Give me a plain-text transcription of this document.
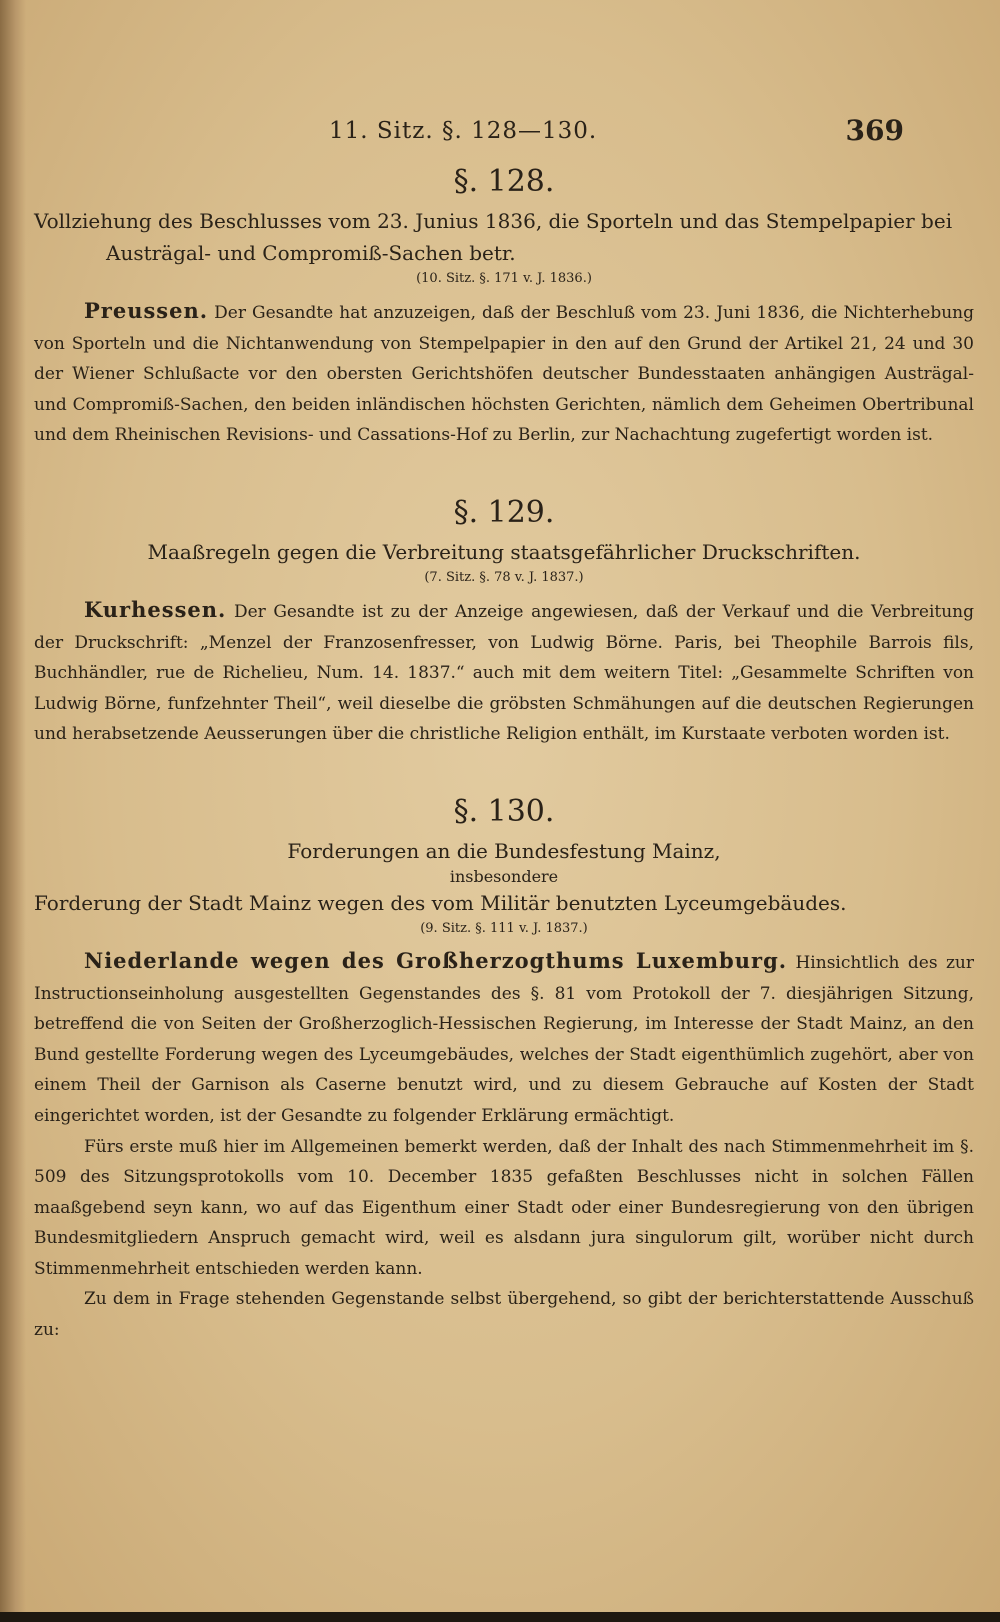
11. Sitz. §. 128—130.	369
§. 128.
Vollziehung des Beschlusses vom 23. Junius 1836, die Sporteln und das Stempelpapier bei Austrägal- und Compromiß-Sachen betr.
(10. Sitz. §. 171 v. J. 1836.)

Preussen. Der Gesandte hat anzuzeigen, daß der Beschluß vom 23. Juni 1836, die Nichterhebung von Sporteln und die Nichtanwendung von Stempelpapier in den auf den Grund der Artikel 21, 24 und 30 der Wiener Schlußacte vor den obersten Gerichtshöfen deutscher Bundesstaaten anhängigen Austrägal- und Compromiß-Sachen, den beiden inländischen höchsten Gerichten, nämlich dem Geheimen Obertribunal und dem Rheinischen Revisions- und Cassations-Hof zu Berlin, zur Nachachtung zugefertigt worden ist.

§. 129.
Maaßregeln gegen die Verbreitung staatsgefährlicher Druckschriften.
(7. Sitz. §. 78 v. J. 1837.)

Kurhessen. Der Gesandte ist zu der Anzeige angewiesen, daß der Verkauf und die Verbreitung der Druckschrift: „Menzel der Franzosenfresser, von Ludwig Börne. Paris, bei Theophile Barrois fils, Buchhändler, rue de Richelieu, Num. 14. 1837.“ auch mit dem weitern Titel: „Gesammelte Schriften von Ludwig Börne, funfzehnter Theil“, weil dieselbe die gröbsten Schmähungen auf die deutschen Regierungen und herabsetzende Aeusserungen über die christliche Religion enthält, im Kurstaate verboten worden ist.

§. 130.
Forderungen an die Bundesfestung Mainz,
insbesondere
Forderung der Stadt Mainz wegen des vom Militär benutzten Lyceumgebäudes.
(9. Sitz. §. 111 v. J. 1837.)

Niederlande wegen des Großherzogthums Luxemburg. Hinsichtlich des zur Instructionseinholung ausgestellten Gegenstandes des §. 81 vom Protokoll der 7. diesjährigen Sitzung, betreffend die von Seiten der Großherzoglich-Hessischen Regierung, im Interesse der Stadt Mainz, an den Bund gestellte Forderung wegen des Lyceumgebäudes, welches der Stadt eigenthümlich zugehört, aber von einem Theil der Garnison als Caserne benutzt wird, und zu diesem Gebrauche auf Kosten der Stadt eingerichtet worden, ist der Gesandte zu folgender Erklärung ermächtigt.

Fürs erste muß hier im Allgemeinen bemerkt werden, daß der Inhalt des nach Stimmenmehrheit im §. 509 des Sitzungsprotokolls vom 10. December 1835 gefaßten Beschlusses nicht in solchen Fällen maaßgebend seyn kann, wo auf das Eigenthum einer Stadt oder einer Bundesregierung von den übrigen Bundesmitgliedern Anspruch gemacht wird, weil es alsdann jura singulorum gilt, worüber nicht durch Stimmenmehrheit entschieden werden kann.

Zu dem in Frage stehenden Gegenstande selbst übergehend, so gibt der berichterstattende Ausschuß zu:
